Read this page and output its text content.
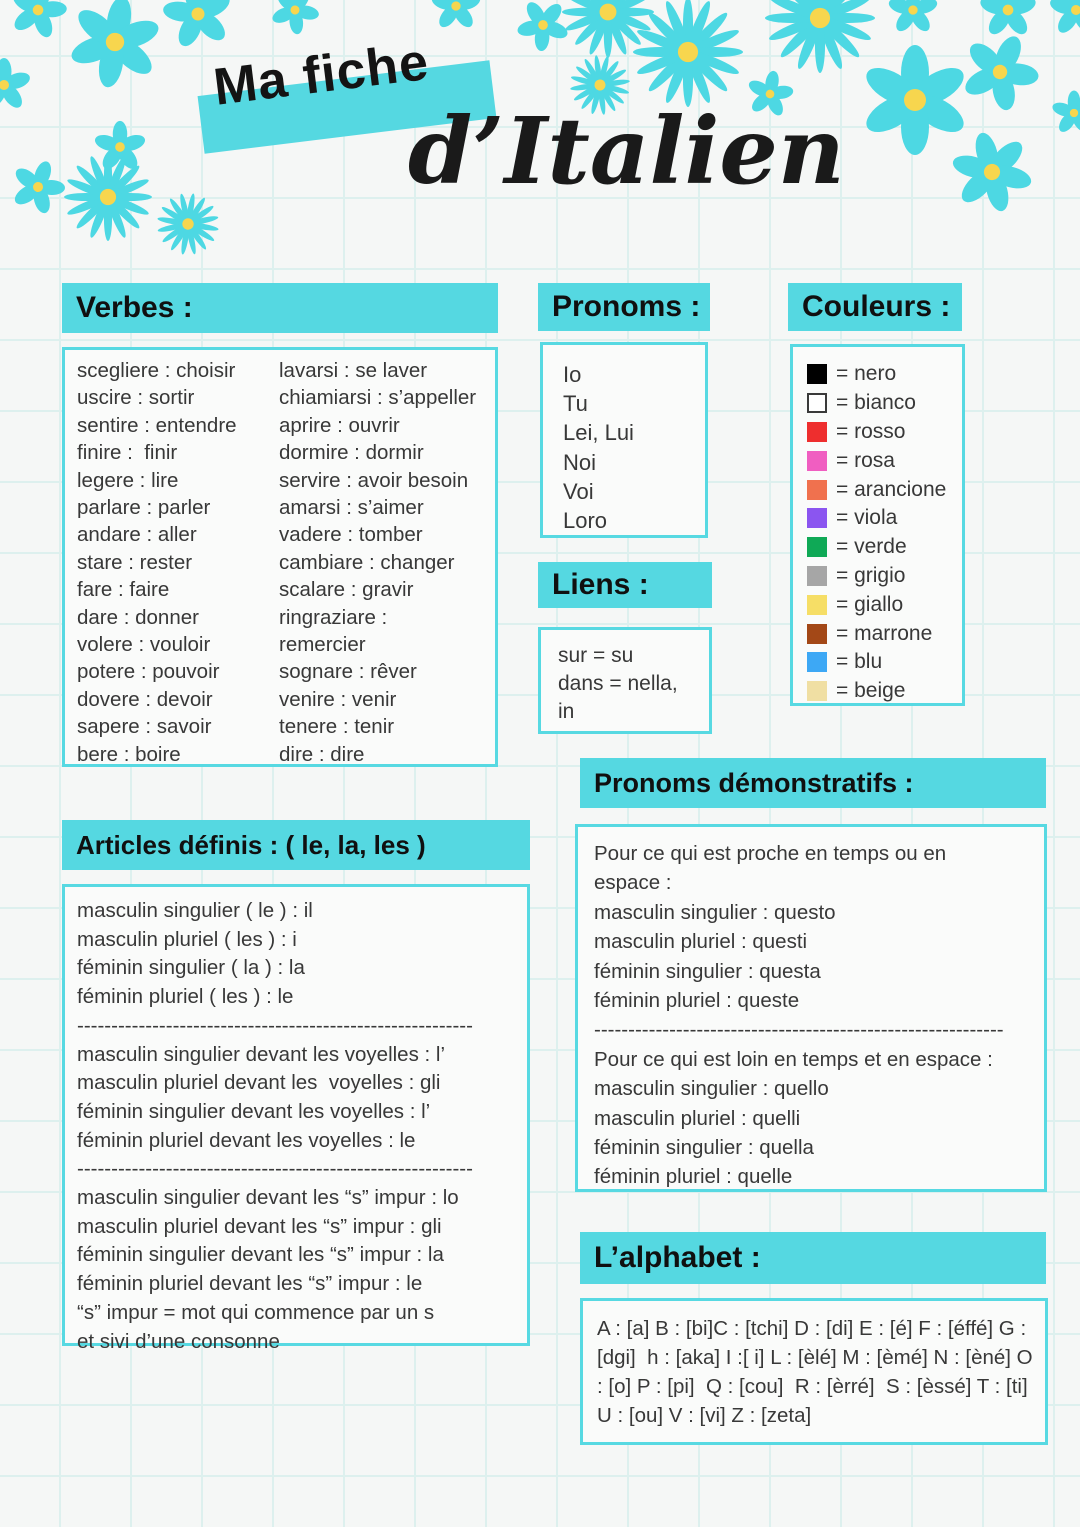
Ma fiche
d’Italien
Verbes :
scegliere : choisir
uscire : sortir
sentire : entendre
finire :  finir
legere : lire
parlare : parler
andare : aller
stare : rester
fare : faire
dare : donner
volere : vouloir
potere : pouvoir
dovere : devoir
sapere : savoir
bere : boire
lavarsi : se laver
chiamiarsi : s’appeller
aprire : ouvrir
dormire : dormir
servire : avoir besoin
amarsi : s’aimer
vadere : tomber
cambiare : changer
scalare : gravir
ringraziare :
remercier
sognare : rêver
venire : venir
tenere : tenir
dire : dire
Pronoms :
Io
Tu
Lei, Lui
Noi
Voi
Loro
Couleurs :
= nero
= bianco
= rosso
= rosa
= arancione
= viola
= verde
= grigio
= giallo
= marrone
= blu
= beige
Liens :
sur = su
dans = nella,
in
Articles définis : ( le, la, les )
masculin singulier ( le ) : il
masculin pluriel ( les ) : i
féminin singulier ( la ) : la
féminin pluriel ( les ) : le
----------------------------------------------------------
masculin singulier devant les voyelles : l’
masculin pluriel devant les  voyelles : gli
féminin singulier devant les voyelles : l’
féminin pluriel devant les voyelles : le
----------------------------------------------------------
masculin singulier devant les “s” impur : lo
masculin pluriel devant les “s” impur : gli
féminin singulier devant les “s” impur : la
féminin pluriel devant les “s” impur : le
“s” impur = mot qui commence par un s
et sivi d’une consonne
Pronoms démonstratifs :
Pour ce qui est proche en temps ou en
espace :
masculin singulier : questo
masculin pluriel : questi
féminin singulier : questa
féminin pluriel : queste
------------------------------------------------------------
Pour ce qui est loin en temps et en espace :
masculin singulier : quello
masculin pluriel : quelli
féminin singulier : quella
féminin pluriel : quelle
L’alphabet :
A : [a] B : [bi]C : [tchi] D : [di] E : [é] F : [éffé] G : [dgi]  h : [aka] I :[ i] L : [èlé] M : [èmé] N : [èné] O : [o] P : [pi]  Q : [cou]  R : [èrré]  S : [èssé] T : [ti] U : [ou] V : [vi] Z : [zeta]
